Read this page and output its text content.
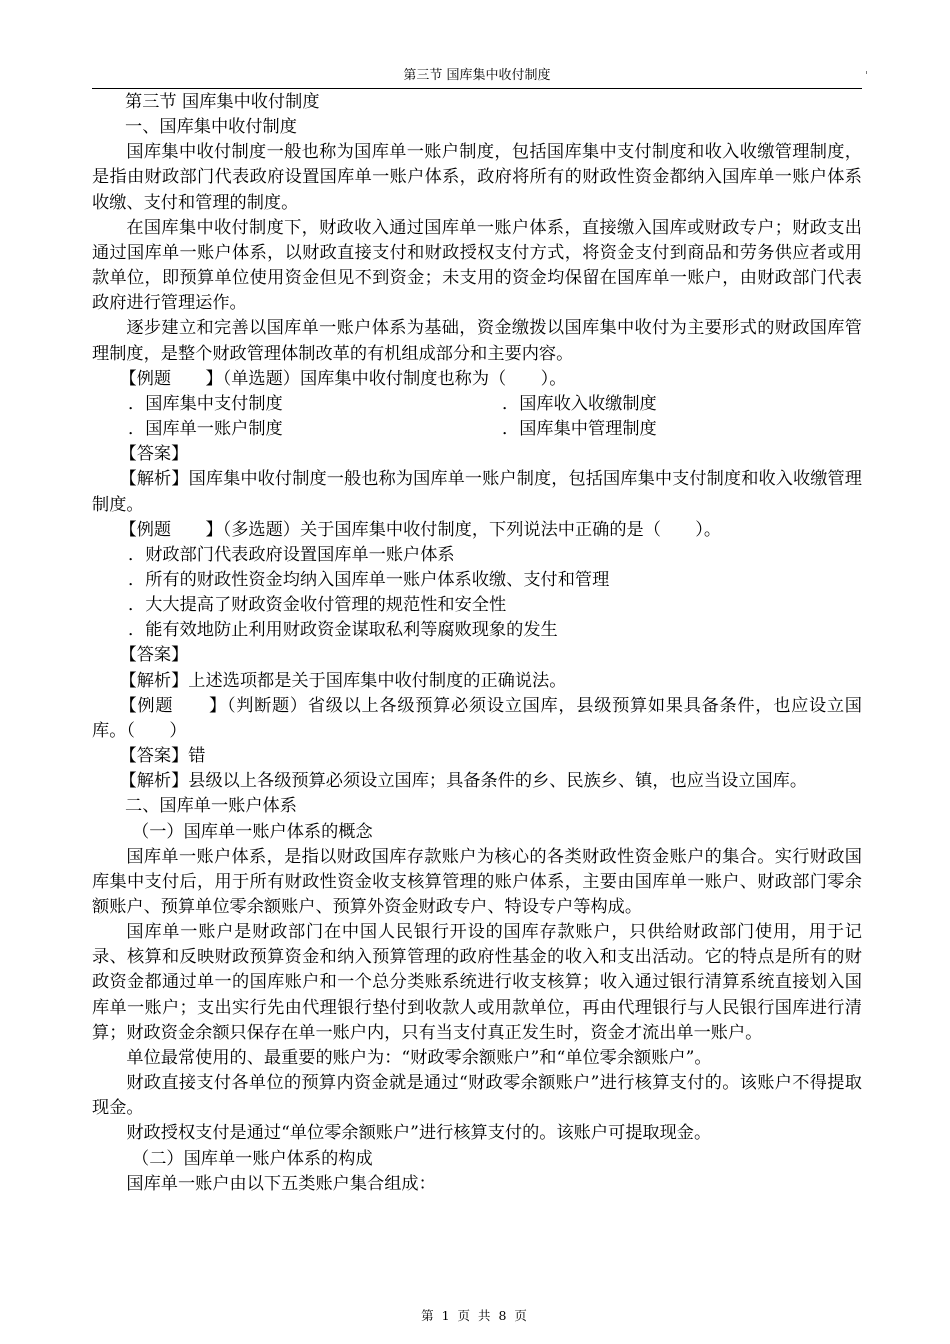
第三节 国库集中收付制度	'

第三节 国库集中收付制度

一、国库集中收付制度

国库集中收付制度一般也称为国库单一账户制度，包括国库集中支付制度和收入收缴管理制度，是指由财政部门代表政府设置国库单一账户体系，政府将所有的财政性资金都纳入国库单一账户体系收缴、支付和管理的制度。

在国库集中收付制度下，财政收入通过国库单一账户体系，直接缴入国库或财政专户；财政支出通过国库单一账户体系，以财政直接支付和财政授权支付方式，将资金支付到商品和劳务供应者或用款单位，即预算单位使用资金但见不到资金；未支用的资金均保留在国库单一账户，由财政部门代表政府进行管理运作。

逐步建立和完善以国库单一账户体系为基础，资金缴拨以国库集中收付为主要形式的财政国库管理制度，是整个财政管理体制改革的有机组成部分和主要内容。

【例题　　】（单选题）国库集中收付制度也称为（　　）。

．国库集中支付制度	．国库收入收缴制度
．国库单一账户制度	．国库集中管理制度

【答案】

【解析】国库集中收付制度一般也称为国库单一账户制度，包括国库集中支付制度和收入收缴管理制度。

【例题　　】（多选题）关于国库集中收付制度，下列说法中正确的是（　　）。

．财政部门代表政府设置国库单一账户体系

．所有的财政性资金均纳入国库单一账户体系收缴、支付和管理

．大大提高了财政资金收付管理的规范性和安全性

．能有效地防止利用财政资金谋取私利等腐败现象的发生

【答案】

【解析】上述选项都是关于国库集中收付制度的正确说法。

【例题　　】（判断题）省级以上各级预算必须设立国库，县级预算如果具备条件，也应设立国库。（　　）

【答案】错

【解析】县级以上各级预算必须设立国库；具备条件的乡、民族乡、镇，也应当设立国库。

二、国库单一账户体系

（一）国库单一账户体系的概念

国库单一账户体系，是指以财政国库存款账户为核心的各类财政性资金账户的集合。实行财政国库集中支付后，用于所有财政性资金收支核算管理的账户体系，主要由国库单一账户、财政部门零余额账户、预算单位零余额账户、预算外资金财政专户、特设专户等构成。

国库单一账户是财政部门在中国人民银行开设的国库存款账户，只供给财政部门使用，用于记录、核算和反映财政预算资金和纳入预算管理的政府性基金的收入和支出活动。它的特点是所有的财政资金都通过单一的国库账户和一个总分类账系统进行收支核算；收入通过银行清算系统直接划入国库单一账户；支出实行先由代理银行垫付到收款人或用款单位，再由代理银行与人民银行国库进行清算；财政资金余额只保存在单一账户内，只有当支付真正发生时，资金才流出单一账户。

单位最常使用的、最重要的账户为：“财政零余额账户”和“单位零余额账户”。

财政直接支付各单位的预算内资金就是通过“财政零余额账户”进行核算支付的。该账户不得提取现金。

财政授权支付是通过“单位零余额账户”进行核算支付的。该账户可提取现金。

（二）国库单一账户体系的构成

国库单一账户由以下五类账户集合组成：

第 1 页 共 8 页
